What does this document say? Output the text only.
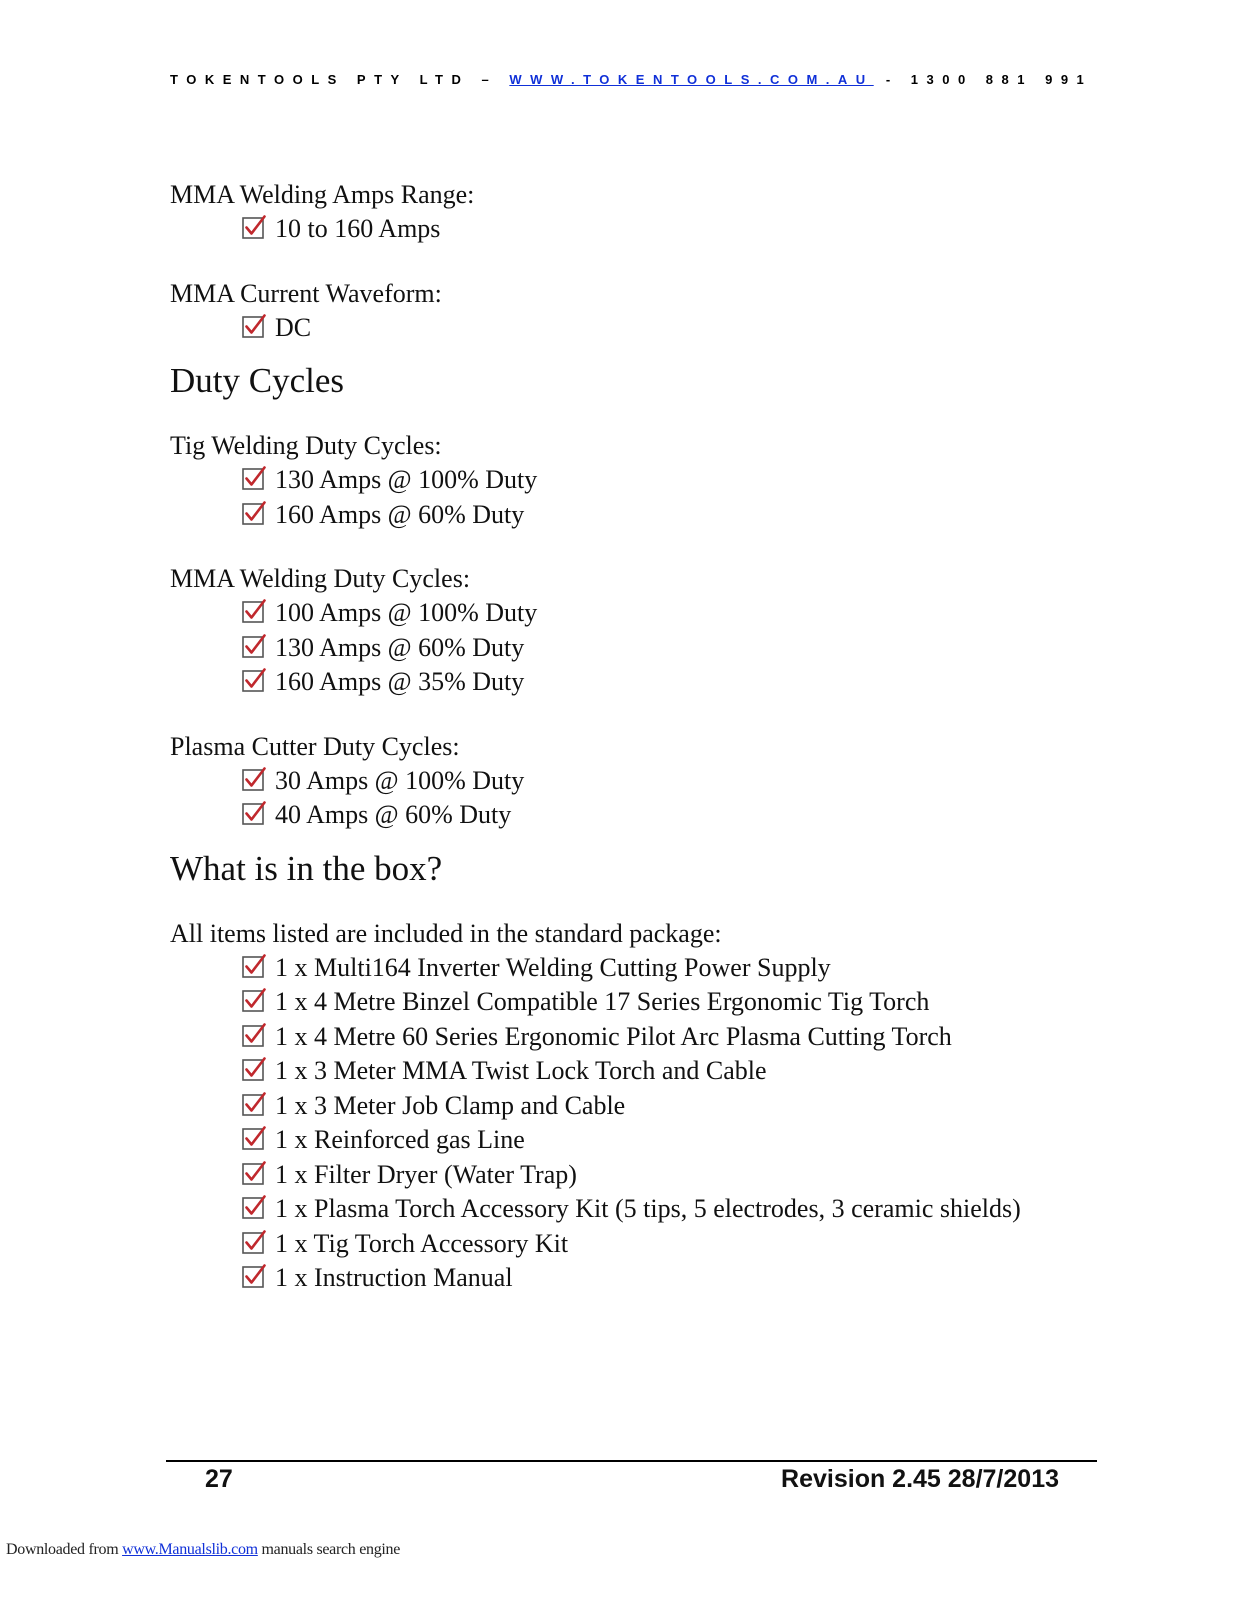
TOKENTOOLS PTY LTD – WWW.TOKENTOOLS.COM.AU - 1300 881 991

MMA Welding Amps Range:

10 to 160 Amps

MMA Current Waveform:

DC
Duty Cycles

Tig Welding Duty Cycles:

130 Amps @ 100% Duty
160 Amps @ 60% Duty

MMA Welding Duty Cycles:

100 Amps @ 100% Duty
130 Amps @ 60% Duty
160 Amps @ 35% Duty

Plasma Cutter Duty Cycles:

30 Amps @ 100% Duty
40 Amps @ 60% Duty
What is in the box?

All items listed are included in the standard package:

1 x Multi164 Inverter Welding Cutting Power Supply
1 x 4 Metre Binzel Compatible 17 Series Ergonomic Tig Torch
1 x 4 Metre 60 Series Ergonomic Pilot Arc Plasma Cutting Torch
1 x 3 Meter MMA Twist Lock Torch and Cable
1 x 3 Meter Job Clamp and Cable
1 x Reinforced gas Line
1 x Filter Dryer (Water Trap)
1 x Plasma Torch Accessory Kit (5 tips, 5 electrodes, 3 ceramic shields)
1 x Tig Torch Accessory Kit
1 x Instruction Manual
27	Revision 2.45 28/7/2013
Downloaded from www.Manualslib.com manuals search engine
